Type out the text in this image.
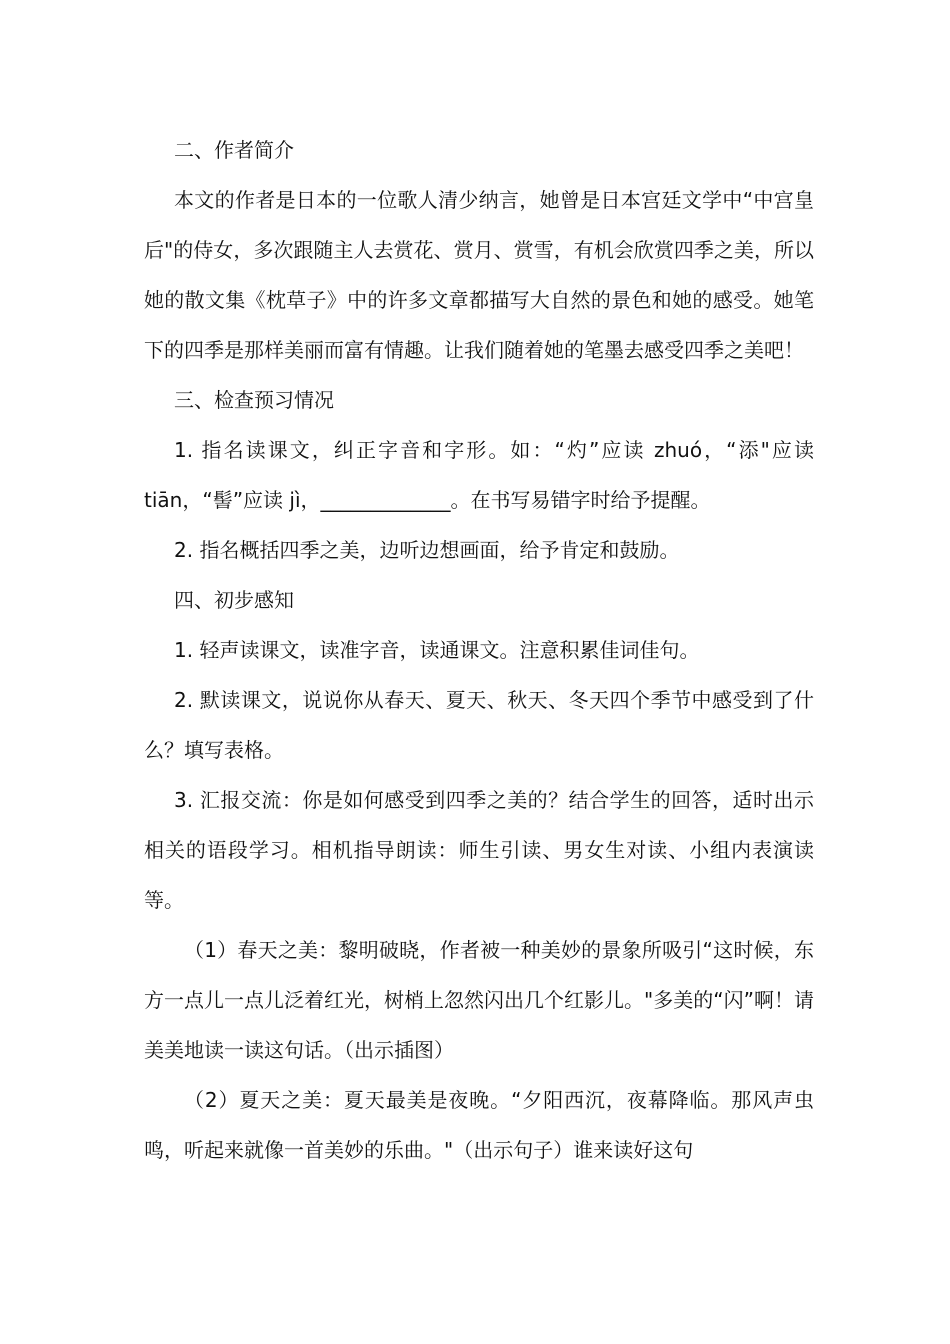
二、作者简介

本文的作者是日本的一位歌人清少纳言，她曾是日本宫廷文学中“中宫皇后"的侍女，多次跟随主人去赏花、赏月、赏雪，有机会欣赏四季之美，所以她的散文集《枕草子》中的许多文章都描写大自然的景色和她的感受。她笔下的四季是那样美丽而富有情趣。让我们随着她的笔墨去感受四季之美吧！

三、检查预习情况

1. 指名读课文，纠正字音和字形。如：“灼”应读 zhuó，“添"应读 tiān，“髻”应读 jì，_____________。在书写易错字时给予提醒。

2. 指名概括四季之美，边听边想画面，给予肯定和鼓励。

四、初步感知

1. 轻声读课文，读准字音，读通课文。注意积累佳词佳句。

2. 默读课文，说说你从春天、夏天、秋天、冬天四个季节中感受到了什么？填写表格。

3. 汇报交流：你是如何感受到四季之美的？结合学生的回答，适时出示相关的语段学习。相机指导朗读：师生引读、男女生对读、小组内表演读等。

（1）春天之美：黎明破晓，作者被一种美妙的景象所吸引“这时候，东方一点儿一点儿泛着红光，树梢上忽然闪出几个红影儿。"多美的“闪”啊！请美美地读一读这句话。（出示插图）

（2）夏天之美：夏天最美是夜晚。“夕阳西沉，夜幕降临。那风声虫鸣，听起来就像一首美妙的乐曲。"（出示句子）谁来读好这句
